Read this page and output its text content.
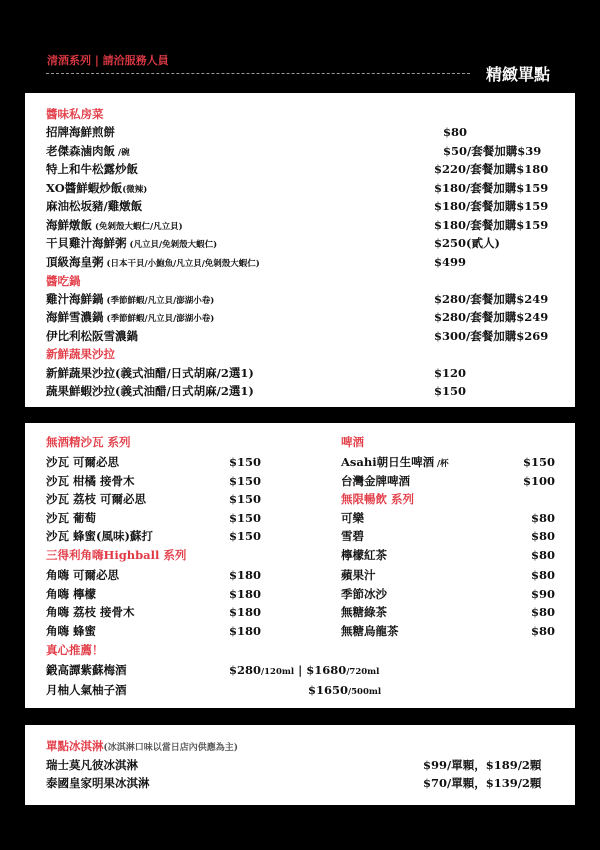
清酒系列 | 請洽服務人員
精緻單點
醬味私房菜
招牌海鮮煎餅	$80
老傑森滷肉飯 /碗	$50/套餐加購$39
特上和牛松露炒飯	$220/套餐加購$180
XO醬鮮蝦炒飯(微辣)	$180/套餐加購$159
麻油松坂豬/雞燉飯	$180/套餐加購$159
海鮮燉飯 (免剝殼大蝦仁/凡立貝)	$180/套餐加購$159
干貝雞汁海鮮粥 (凡立貝/免剝殼大蝦仁)	$250(貳人)
頂級海皇粥 (日本干貝/小鮑魚/凡立貝/免剝殼大蝦仁)	$499
醬吃鍋
雞汁海鮮鍋 (季節鮮蝦/凡立貝/澎湖小卷)	$280/套餐加購$249
海鮮雪濃鍋 (季節鮮蝦/凡立貝/澎湖小卷)	$280/套餐加購$249
伊比利松阪雪濃鍋	$300/套餐加購$269
新鮮蔬果沙拉
新鮮蔬果沙拉(義式油醋/日式胡麻/2選1)	$120
蔬果鮮蝦沙拉(義式油醋/日式胡麻/2選1)	$150
無酒精沙瓦 系列
沙瓦 可爾必思	$150
沙瓦 柑橘 接骨木	$150
沙瓦 荔枝 可爾必思	$150
沙瓦 葡萄	$150
沙瓦 蜂蜜(風味)蘇打	$150
三得利角嗨Highball 系列
角嗨 可爾必思	$180
角嗨 檸檬	$180
角嗨 荔枝 接骨木	$180
角嗨 蜂蜜	$180
真心推薦！
鍛高譚紫蘇梅酒	$280/120ml | $1680/720ml
月柚人氣柚子酒	$1650/500ml
啤酒
Asahi朝日生啤酒 /杯	$150
台灣金牌啤酒	$100
無限暢飲 系列
可樂	$80
雪碧	$80
檸檬紅茶	$80
蘋果汁	$80
季節冰沙	$90
無糖綠茶	$80
無糖烏龍茶	$80
單點冰淇淋(冰淇淋口味以當日店內供應為主)
瑞士莫凡彼冰淇淋	$99/單顆，$189/2顆
泰國皇家明果冰淇淋	$70/單顆，$139/2顆
